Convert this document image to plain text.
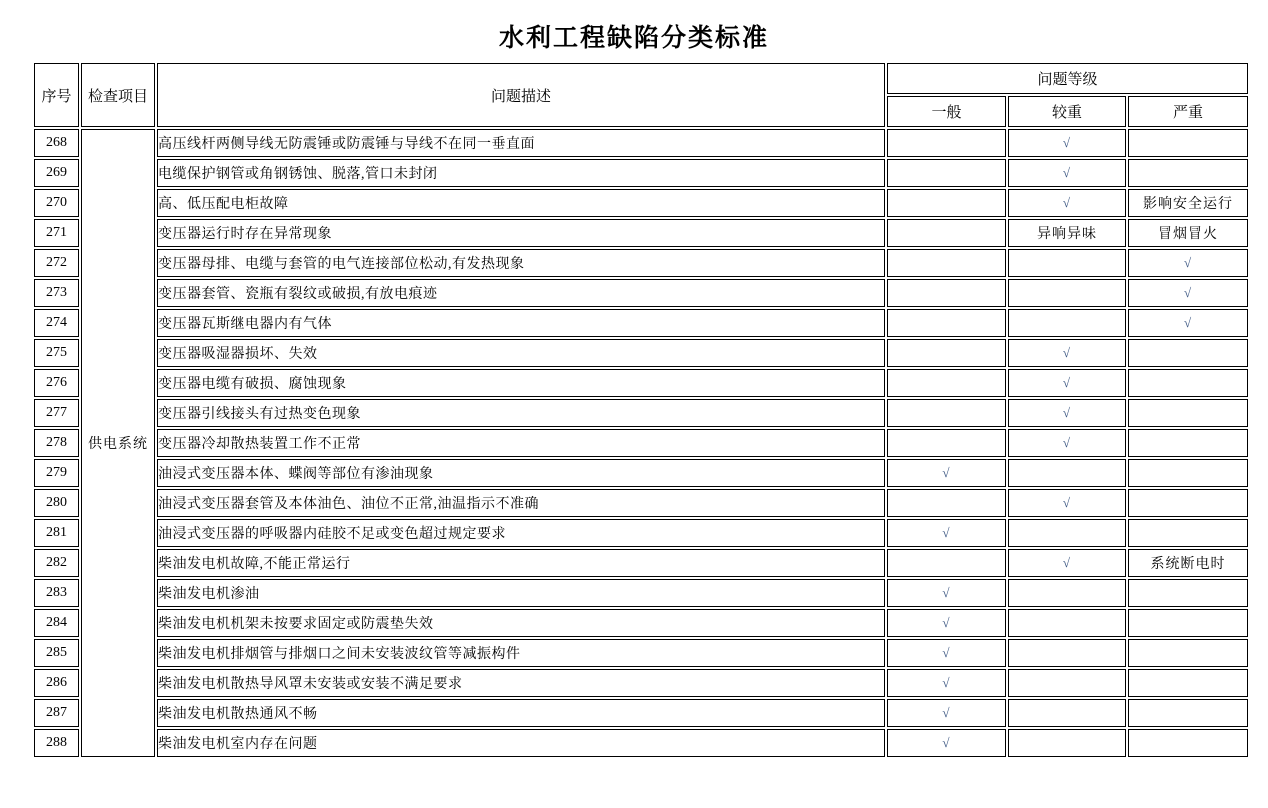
水利工程缺陷分类标准
序号	检查项目	问题描述	问题等级		
			一般	较重	严重
268	供电系统	高压线杆两侧导线无防震锤或防震锤与导线不在同一垂直面		√	
269		电缆保护钢管或角钢锈蚀、脱落,管口未封闭		√	
270		高、低压配电柜故障		√	影响安全运行
271		变压器运行时存在异常现象		异响异味	冒烟冒火
272		变压器母排、电缆与套管的电气连接部位松动,有发热现象			√
273		变压器套管、瓷瓶有裂纹或破损,有放电痕迹			√
274		变压器瓦斯继电器内有气体			√
275		变压器吸湿器损坏、失效		√	
276		变压器电缆有破损、腐蚀现象		√	
277		变压器引线接头有过热变色现象		√	
278		变压器冷却散热装置工作不正常		√	
279		油浸式变压器本体、蝶阀等部位有渗油现象	√		
280		油浸式变压器套管及本体油色、油位不正常,油温指示不准确		√	
281		油浸式变压器的呼吸器内硅胶不足或变色超过规定要求	√		
282		柴油发电机故障,不能正常运行		√	系统断电时
283		柴油发电机渗油	√		
284		柴油发电机机架未按要求固定或防震垫失效	√		
285		柴油发电机排烟管与排烟口之间未安装波纹管等减振构件	√		
286		柴油发电机散热导风罩未安装或安装不满足要求	√		
287		柴油发电机散热通风不畅	√		
288		柴油发电机室内存在问题	√		
